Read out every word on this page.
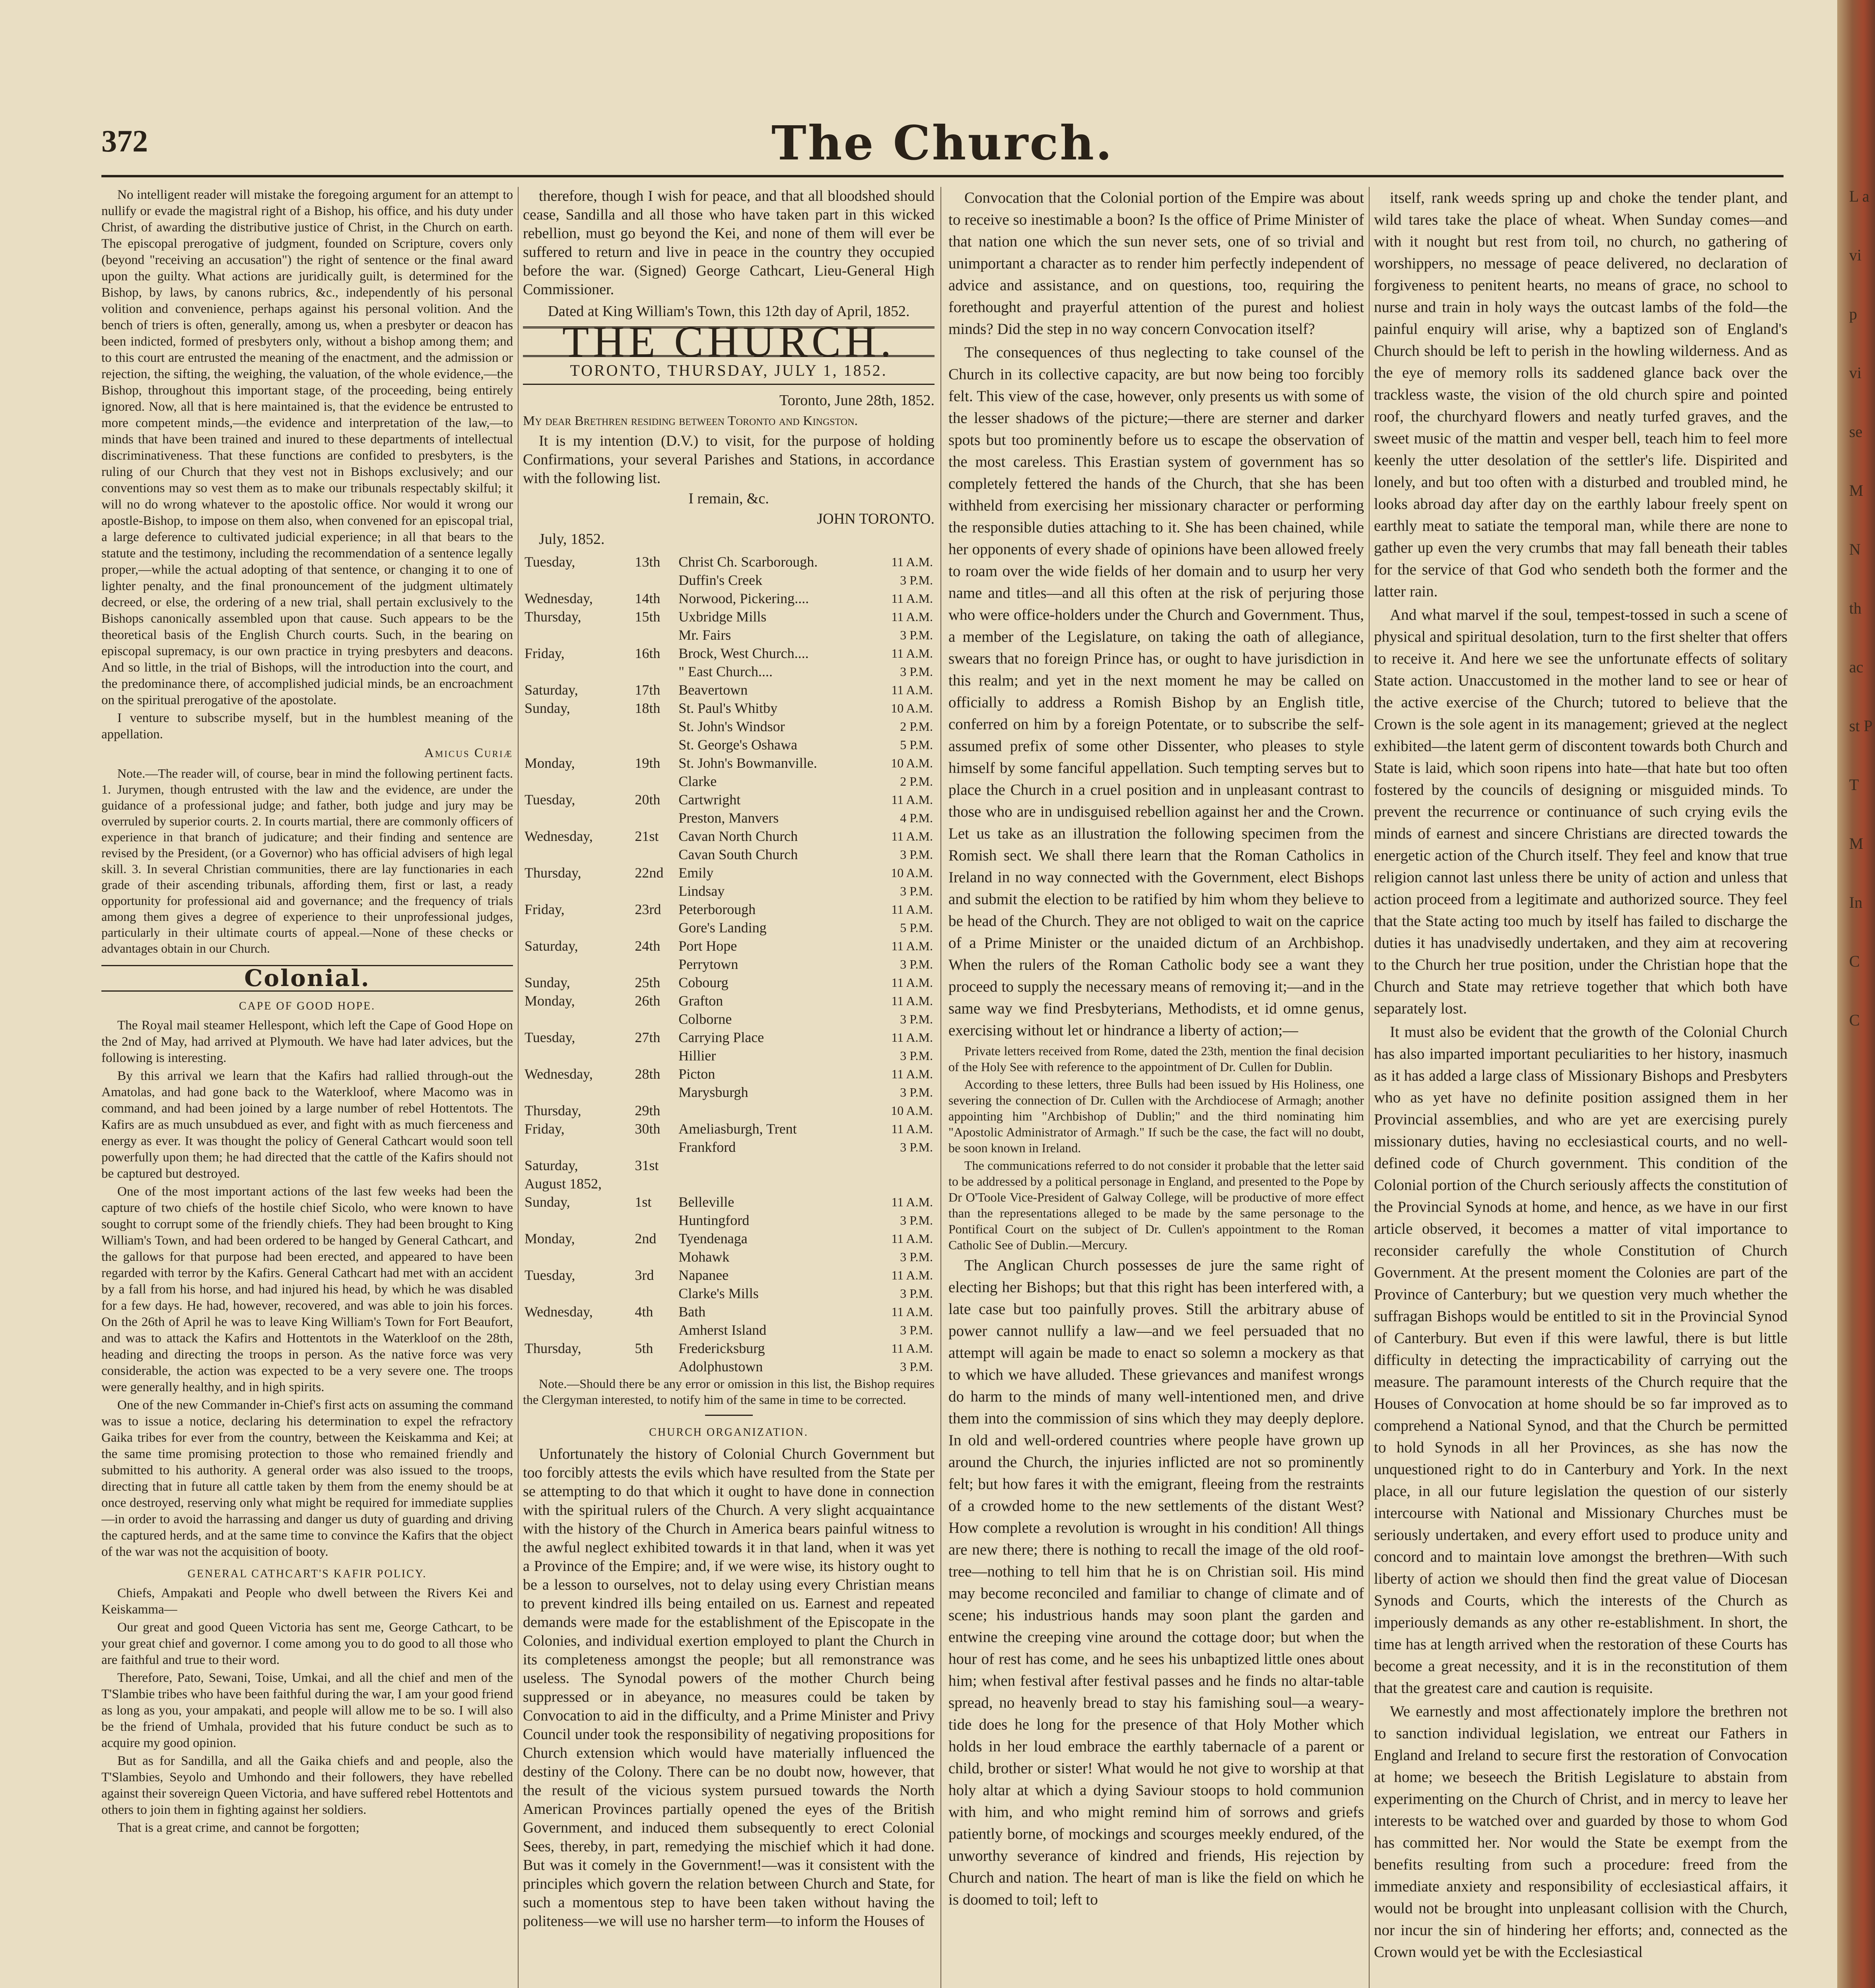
372	The Church.

No intelligent reader will mistake the foregoing argument for an attempt to nullify or evade the magistral right of a Bishop, his office, and his duty under Christ, of awarding the distributive justice of Christ, in the Church on earth. The episcopal prerogative of judgment, founded on Scripture, covers only (beyond "receiving an accusation") the right of sentence or the final award upon the guilty. What actions are juridically guilt, is determined for the Bishop, by laws, by canons rubrics, &c., independently of his personal volition and convenience, perhaps against his personal volition. And the bench of triers is often, generally, among us, when a presbyter or deacon has been indicted, formed of presbyters only, without a bishop among them; and to this court are entrusted the meaning of the enactment, and the admission or rejection, the sifting, the weighing, the valuation, of the whole evidence,—the Bishop, throughout this important stage, of the proceeding, being entirely ignored. Now, all that is here maintained is, that the evidence be entrusted to more competent minds,—the evidence and interpretation of the law,—to minds that have been trained and inured to these departments of intellectual discriminativeness. That these functions are confided to presbyters, is the ruling of our Church that they vest not in Bishops exclusively; and our conventions may so vest them as to make our tribunals respectably skilful; it will no do wrong whatever to the apostolic office. Nor would it wrong our apostle-Bishop, to impose on them also, when convened for an episcopal trial, a large deference to cultivated judicial experience; in all that bears to the statute and the testimony, including the recommendation of a sentence legally proper,—while the actual adopting of that sentence, or changing it to one of lighter penalty, and the final pronouncement of the judgment ultimately decreed, or else, the ordering of a new trial, shall pertain exclusively to the Bishops canonically assembled upon that cause. Such appears to be the theoretical basis of the English Church courts. Such, in the bearing on episcopal supremacy, is our own practice in trying presbyters and deacons. And so little, in the trial of Bishops, will the introduction into the court, and the predominance there, of accomplished judicial minds, be an encroachment on the spiritual prerogative of the apostolate.

I venture to subscribe myself, but in the humblest meaning of the appellation.

Amicus Curiæ

Note.—The reader will, of course, bear in mind the following pertinent facts. 1. Jurymen, though entrusted with the law and the evidence, are under the guidance of a professional judge; and father, both judge and jury may be overruled by superior courts. 2. In courts martial, there are commonly officers of experience in that branch of judicature; and their finding and sentence are revised by the President, (or a Governor) who has official advisers of high legal skill. 3. In several Christian communities, there are lay functionaries in each grade of their ascending tribunals, affording them, first or last, a ready opportunity for professional aid and governance; and the frequency of trials among them gives a degree of experience to their unprofessional judges, particularly in their ultimate courts of appeal.—None of these checks or advantages obtain in our Church.

Colonial.
CAPE OF GOOD HOPE.

The Royal mail steamer Hellespont, which left the Cape of Good Hope on the 2nd of May, had arrived at Plymouth. We have had later advices, but the following is interesting.

By this arrival we learn that the Kafirs had rallied through-out the Amatolas, and had gone back to the Waterkloof, where Macomo was in command, and had been joined by a large number of rebel Hottentots. The Kafirs are as much unsubdued as ever, and fight with as much fierceness and energy as ever. It was thought the policy of General Cathcart would soon tell powerfully upon them; he had directed that the cattle of the Kafirs should not be captured but destroyed.

One of the most important actions of the last few weeks had been the capture of two chiefs of the hostile chief Sicolo, who were known to have sought to corrupt some of the friendly chiefs. They had been brought to King William's Town, and had been ordered to be hanged by General Cathcart, and the gallows for that purpose had been erected, and appeared to have been regarded with terror by the Kafirs. General Cathcart had met with an accident by a fall from his horse, and had injured his head, by which he was disabled for a few days. He had, however, recovered, and was able to join his forces. On the 26th of April he was to leave King William's Town for Fort Beaufort, and was to attack the Kafirs and Hottentots in the Waterkloof on the 28th, heading and directing the troops in person. As the native force was very considerable, the action was expected to be a very severe one. The troops were generally healthy, and in high spirits.

One of the new Commander in-Chief's first acts on assuming the command was to issue a notice, declaring his determination to expel the refractory Gaika tribes for ever from the country, between the Keiskamma and Kei; at the same time promising protection to those who remained friendly and submitted to his authority. A general order was also issued to the troops, directing that in future all cattle taken by them from the enemy should be at once destroyed, reserving only what might be required for immediate supplies —in order to avoid the harrassing and danger us duty of guarding and driving the captured herds, and at the same time to convince the Kafirs that the object of the war was not the acquisition of booty.

GENERAL CATHCART'S KAFIR POLICY.

Chiefs, Ampakati and People who dwell between the Rivers Kei and Keiskamma—

Our great and good Queen Victoria has sent me, George Cathcart, to be your great chief and governor. I come among you to do good to all those who are faithful and true to their word.

Therefore, Pato, Sewani, Toise, Umkai, and all the chief and men of the T'Slambie tribes who have been faithful during the war, I am your good friend as long as you, your ampakati, and people will allow me to be so. I will also be the friend of Umhala, provided that his future conduct be such as to acquire my good opinion.

But as for Sandilla, and all the Gaika chiefs and and people, also the T'Slambies, Seyolo and Umhondo and their followers, they have rebelled against their sovereign Queen Victoria, and have suffered rebel Hottentots and others to join them in fighting against her soldiers.

That is a great crime, and cannot be forgotten;

therefore, though I wish for peace, and that all bloodshed should cease, Sandilla and all those who have taken part in this wicked rebellion, must go beyond the Kei, and none of them will ever be suffered to return and live in peace in the country they occupied before the war. (Signed) George Cathcart, Lieu-General High Commissioner.

Dated at King William's Town, this 12th day of April, 1852.
THE CHURCH.
TORONTO, THURSDAY, JULY 1, 1852.

Toronto, June 28th, 1852.

My dear Brethren residing between Toronto and Kingston.

It is my intention (D.V.) to visit, for the purpose of holding Confirmations, your several Parishes and Stations, in accordance with the following list.

I remain, &c.

JOHN TORONTO.

July, 1852.

Tuesday,	13th	Christ Ch. Scarborough.	11 A.M.
		Duffin's Creek	3 P.M.
Wednesday,	14th	Norwood, Pickering....	11 A.M.
Thursday,	15th	Uxbridge Mills	11 A.M.
		Mr. Fairs	3 P.M.
Friday,	16th	Brock, West Church....	11 A.M.
		" East Church....	3 P.M.
Saturday,	17th	Beavertown	11 A.M.
Sunday,	18th	St. Paul's Whitby	10 A.M.
		St. John's Windsor	2 P.M.
		St. George's Oshawa	5 P.M.
Monday,	19th	St. John's Bowmanville.	10 A.M.
		Clarke	2 P.M.
Tuesday,	20th	Cartwright	11 A.M.
		Preston, Manvers	4 P.M.
Wednesday,	21st	Cavan North Church	11 A.M.
		Cavan South Church	3 P.M.
Thursday,	22nd	Emily	10 A.M.
		Lindsay	3 P.M.
Friday,	23rd	Peterborough	11 A.M.
		Gore's Landing	5 P.M.
Saturday,	24th	Port Hope	11 A.M.
		Perrytown	3 P.M.
Sunday,	25th	Cobourg	11 A.M.
Monday,	26th	Grafton	11 A.M.
		Colborne	3 P.M.
Tuesday,	27th	Carrying Place	11 A.M.
		Hillier	3 P.M.
Wednesday,	28th	Picton	11 A.M.
		Marysburgh	3 P.M.
Thursday,	29th		10 A.M.
Friday,	30th	Ameliasburgh, Trent	11 A.M.
		Frankford	3 P.M.
Saturday,	31st		
August 1852,			
Sunday,	1st	Belleville	11 A.M.
		Huntingford	3 P.M.
Monday,	2nd	Tyendenaga	11 A.M.
		Mohawk	3 P.M.
Tuesday,	3rd	Napanee	11 A.M.
		Clarke's Mills	3 P.M.
Wednesday,	4th	Bath	11 A.M.
		Amherst Island	3 P.M.
Thursday,	5th	Fredericksburg	11 A.M.
		Adolphustown	3 P.M.

Note.—Should there be any error or omission in this list, the Bishop requires the Clergyman interested, to notify him of the same in time to be corrected.

CHURCH ORGANIZATION.

Unfortunately the history of Colonial Church Government but too forcibly attests the evils which have resulted from the State per se attempting to do that which it ought to have done in connection with the spiritual rulers of the Church. A very slight acquaintance with the history of the Church in America bears painful witness to the awful neglect exhibited towards it in that land, when it was yet a Province of the Empire; and, if we were wise, its history ought to be a lesson to ourselves, not to delay using every Christian means to prevent kindred ills being entailed on us. Earnest and repeated demands were made for the establishment of the Episcopate in the Colonies, and individual exertion employed to plant the Church in its completeness amongst the people; but all remonstrance was useless. The Synodal powers of the mother Church being suppressed or in abeyance, no measures could be taken by Convocation to aid in the difficulty, and a Prime Minister and Privy Council under took the responsibility of negativing propositions for Church extension which would have materially influenced the destiny of the Colony. There can be no doubt now, however, that the result of the vicious system pursued towards the North American Provinces partially opened the eyes of the British Government, and induced them subsequently to erect Colonial Sees, thereby, in part, remedying the mischief which it had done. But was it comely in the Government!—was it consistent with the principles which govern the relation between Church and State, for such a momentous step to have been taken without having the politeness—we will use no harsher term—to inform the Houses of

Convocation that the Colonial portion of the Empire was about to receive so inestimable a boon? Is the office of Prime Minister of that nation one which the sun never sets, one of so trivial and unimportant a character as to render him perfectly independent of advice and assistance, and on questions, too, requiring the forethought and prayerful attention of the purest and holiest minds? Did the step in no way concern Convocation itself?

The consequences of thus neglecting to take counsel of the Church in its collective capacity, are but now being too forcibly felt. This view of the case, however, only presents us with some of the lesser shadows of the picture;—there are sterner and darker spots but too prominently before us to escape the observation of the most careless. This Erastian system of government has so completely fettered the hands of the Church, that she has been withheld from exercising her missionary character or performing the responsible duties attaching to it. She has been chained, while her opponents of every shade of opinions have been allowed freely to roam over the wide fields of her domain and to usurp her very name and titles—and all this often at the risk of perjuring those who were office-holders under the Church and Government. Thus, a member of the Legislature, on taking the oath of allegiance, swears that no foreign Prince has, or ought to have jurisdiction in this realm; and yet in the next moment he may be called on officially to address a Romish Bishop by an English title, conferred on him by a foreign Potentate, or to subscribe the self-assumed prefix of some other Dissenter, who pleases to style himself by some fanciful appellation. Such tempting serves but to place the Church in a cruel position and in unpleasant contrast to those who are in undisguised rebellion against her and the Crown. Let us take as an illustration the following specimen from the Romish sect. We shall there learn that the Roman Catholics in Ireland in no way connected with the Government, elect Bishops and submit the election to be ratified by him whom they believe to be head of the Church. They are not obliged to wait on the caprice of a Prime Minister or the unaided dictum of an Archbishop. When the rulers of the Roman Catholic body see a want they proceed to supply the necessary means of removing it;—and in the same way we find Presbyterians, Methodists, et id omne genus, exercising without let or hindrance a liberty of action;—

Private letters received from Rome, dated the 23th, mention the final decision of the Holy See with reference to the appointment of Dr. Cullen for Dublin.

According to these letters, three Bulls had been issued by His Holiness, one severing the connection of Dr. Cullen with the Archdiocese of Armagh; another appointing him "Archbishop of Dublin;" and the third nominating him "Apostolic Administrator of Armagh." If such be the case, the fact will no doubt, be soon known in Ireland.

The communications referred to do not consider it probable that the letter said to be addressed by a political personage in England, and presented to the Pope by Dr O'Toole Vice-President of Galway College, will be productive of more effect than the representations alleged to be made by the same personage to the Pontifical Court on the subject of Dr. Cullen's appointment to the Roman Catholic See of Dublin.—Mercury.

The Anglican Church possesses de jure the same right of electing her Bishops; but that this right has been interfered with, a late case but too painfully proves. Still the arbitrary abuse of power cannot nullify a law—and we feel persuaded that no attempt will again be made to enact so solemn a mockery as that to which we have alluded. These grievances and manifest wrongs do harm to the minds of many well-intentioned men, and drive them into the commission of sins which they may deeply deplore. In old and well-ordered countries where people have grown up around the Church, the injuries inflicted are not so prominently felt; but how fares it with the emigrant, fleeing from the restraints of a crowded home to the new settlements of the distant West? How complete a revolution is wrought in his condition! All things are new there; there is nothing to recall the image of the old roof-tree—nothing to tell him that he is on Christian soil. His mind may become reconciled and familiar to change of climate and of scene; his industrious hands may soon plant the garden and entwine the creeping vine around the cottage door; but when the hour of rest has come, and he sees his unbaptized little ones about him; when festival after festival passes and he finds no altar-table spread, no heavenly bread to stay his famishing soul—a weary-tide does he long for the presence of that Holy Mother which holds in her loud embrace the earthly tabernacle of a parent or child, brother or sister! What would he not give to worship at that holy altar at which a dying Saviour stoops to hold communion with him, and who might remind him of sorrows and griefs patiently borne, of mockings and scourges meekly endured, of the unworthy severance of kindred and friends, His rejection by Church and nation. The heart of man is like the field on which he is doomed to toil; left to

itself, rank weeds spring up and choke the tender plant, and wild tares take the place of wheat. When Sunday comes—and with it nought but rest from toil, no church, no gathering of worshippers, no message of peace delivered, no declaration of forgiveness to penitent hearts, no means of grace, no school to nurse and train in holy ways the outcast lambs of the fold—the painful enquiry will arise, why a baptized son of England's Church should be left to perish in the howling wilderness. And as the eye of memory rolls its saddened glance back over the trackless waste, the vision of the old church spire and pointed roof, the churchyard flowers and neatly turfed graves, and the sweet music of the mattin and vesper bell, teach him to feel more keenly the utter desolation of the settler's life. Dispirited and lonely, and but too often with a disturbed and troubled mind, he looks abroad day after day on the earthly labour freely spent on earthly meat to satiate the temporal man, while there are none to gather up even the very crumbs that may fall beneath their tables for the service of that God who sendeth both the former and the latter rain.

And what marvel if the soul, tempest-tossed in such a scene of physical and spiritual desolation, turn to the first shelter that offers to receive it. And here we see the unfortunate effects of solitary State action. Unaccustomed in the mother land to see or hear of the active exercise of the Church; tutored to believe that the Crown is the sole agent in its management; grieved at the neglect exhibited—the latent germ of discontent towards both Church and State is laid, which soon ripens into hate—that hate but too often fostered by the councils of designing or misguided minds. To prevent the recurrence or continuance of such crying evils the minds of earnest and sincere Christians are directed towards the energetic action of the Church itself. They feel and know that true religion cannot last unless there be unity of action and unless that action proceed from a legitimate and authorized source. They feel that the State acting too much by itself has failed to discharge the duties it has unadvisedly undertaken, and they aim at recovering to the Church her true position, under the Christian hope that the Church and State may retrieve together that which both have separately lost.

It must also be evident that the growth of the Colonial Church has also imparted important peculiarities to her history, inasmuch as it has added a large class of Missionary Bishops and Presbyters who as yet have no definite position assigned them in her Provincial assemblies, and who are yet are exercising purely missionary duties, having no ecclesiastical courts, and no well-defined code of Church government. This condition of the Colonial portion of the Church seriously affects the constitution of the Provincial Synods at home, and hence, as we have in our first article observed, it becomes a matter of vital importance to reconsider carefully the whole Constitution of Church Government. At the present moment the Colonies are part of the Province of Canterbury; but we question very much whether the suffragan Bishops would be entitled to sit in the Provincial Synod of Canterbury. But even if this were lawful, there is but little difficulty in detecting the impracticability of carrying out the measure. The paramount interests of the Church require that the Houses of Convocation at home should be so far improved as to comprehend a National Synod, and that the Church be permitted to hold Synods in all her Provinces, as she has now the unquestioned right to do in Canterbury and York. In the next place, in all our future legislation the question of our sisterly intercourse with National and Missionary Churches must be seriously undertaken, and every effort used to produce unity and concord and to maintain love amongst the brethren—With such liberty of action we should then find the great value of Diocesan Synods and Courts, which the interests of the Church as imperiously demands as any other re-establishment. In short, the time has at length arrived when the restoration of these Courts has become a great necessity, and it is in the reconstitution of them that the greatest care and caution is requisite.

We earnestly and most affectionately implore the brethren not to sanction individual legislation, we entreat our Fathers in England and Ireland to secure first the restoration of Convocation at home; we beseech the British Legislature to abstain from experimenting on the Church of Christ, and in mercy to leave her interests to be watched over and guarded by those to whom God has committed her. Nor would the State be exempt from the benefits resulting from such a procedure: freed from the immediate anxiety and responsibility of ecclesiastical affairs, it would not be brought into unpleasant collision with the Church, nor incur the sin of hindering her efforts; and, connected as the Crown would yet be with the Ecclesiastical

L a vi p vi se M N th ac st P T M In C C
